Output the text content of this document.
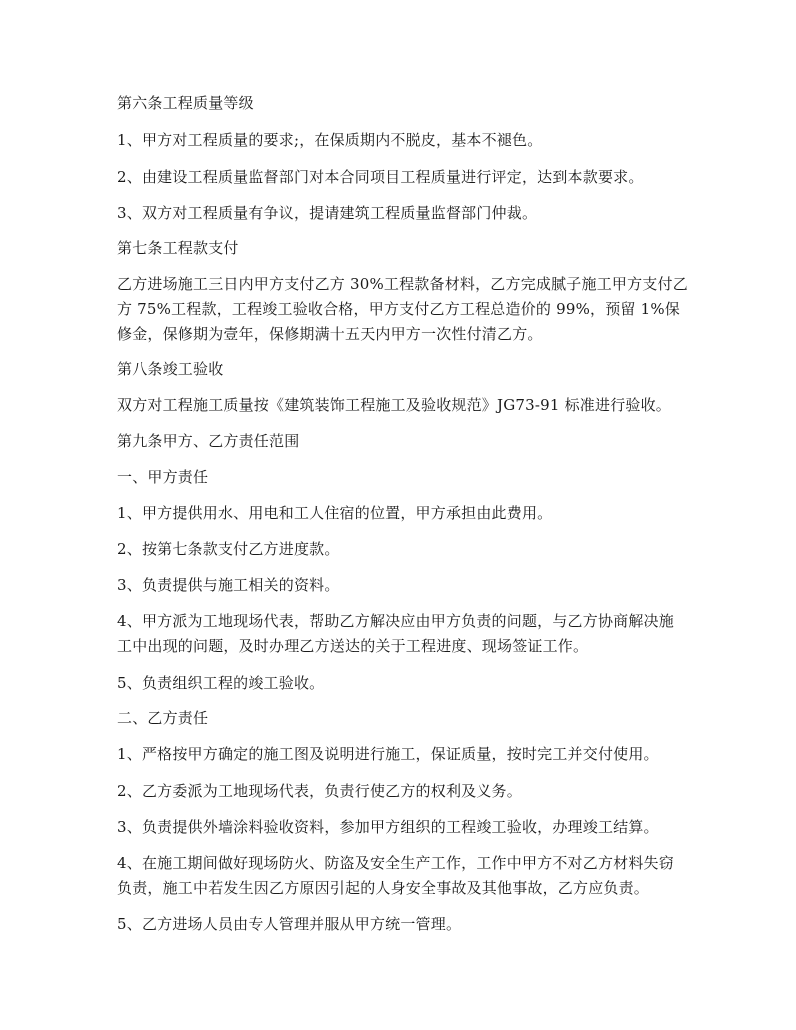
第六条工程质量等级

1、甲方对工程质量的要求;，在保质期内不脱皮，基本不褪色。

2、由建设工程质量监督部门对本合同项目工程质量进行评定，达到本款要求。

3、双方对工程质量有争议，提请建筑工程质量监督部门仲裁。

第七条工程款支付

乙方进场施工三日内甲方支付乙方 30%工程款备材料，乙方完成腻子施工甲方支付乙方 75%工程款，工程竣工验收合格，甲方支付乙方工程总造价的 99%，预留 1%保修金，保修期为壹年，保修期满十五天内甲方一次性付清乙方。

第八条竣工验收

双方对工程施工质量按《建筑装饰工程施工及验收规范》JG73-91 标准进行验收。

第九条甲方、乙方责任范围

一、甲方责任

1、甲方提供用水、用电和工人住宿的位置，甲方承担由此费用。

2、按第七条款支付乙方进度款。

3、负责提供与施工相关的资料。

4、甲方派为工地现场代表，帮助乙方解决应由甲方负责的问题，与乙方协商解决施工中出现的问题，及时办理乙方送达的关于工程进度、现场签证工作。

5、负责组织工程的竣工验收。

二、乙方责任

1、严格按甲方确定的施工图及说明进行施工，保证质量，按时完工并交付使用。

2、乙方委派为工地现场代表，负责行使乙方的权利及义务。

3、负责提供外墙涂料验收资料，参加甲方组织的工程竣工验收，办理竣工结算。

4、在施工期间做好现场防火、防盗及安全生产工作，工作中甲方不对乙方材料失窃负责，施工中若发生因乙方原因引起的人身安全事故及其他事故，乙方应负责。

5、乙方进场人员由专人管理并服从甲方统一管理。
